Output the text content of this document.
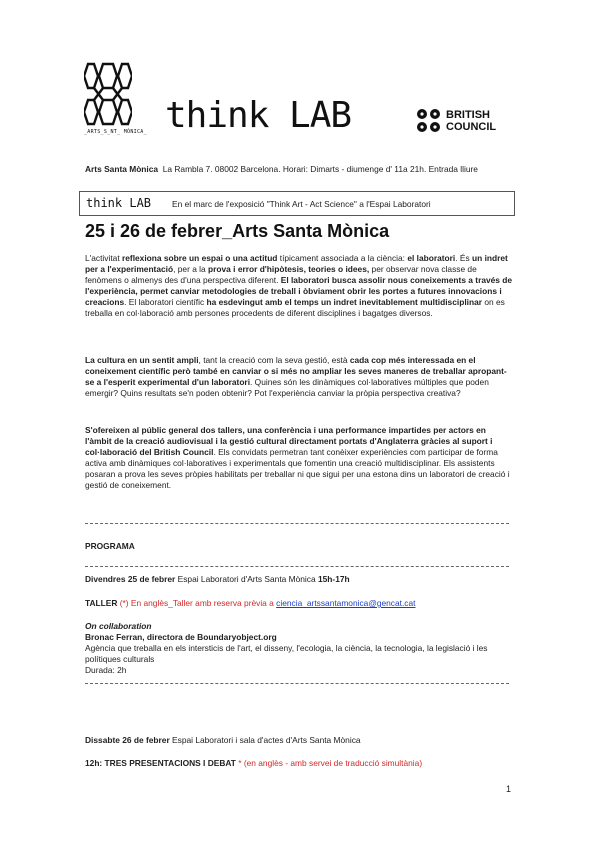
_ARTS_S_NT_ MÒNICA_ think LAB	BRITISH
COUNCIL
Arts Santa Mònica La Rambla 7. 08002 Barcelona. Horari: Dimarts - diumenge d' 11a 21h. Entrada lliure
think LAB En el marc de l'exposició "Think Art - Act Science" a l'Espai Laboratori
25 i 26 de febrer_Arts Santa Mònica
L'activitat reflexiona sobre un espai o una actitud típicament associada a la ciència: el laboratori. És un indret per a l'experimentació, per a la prova i error d'hipòtesis, teories o idees, per observar nova classe de fenòmens o almenys des d'una perspectiva diferent. El laboratori busca assolir nous coneixements a través de l'experiència, permet canviar metodologies de treball i òbviament obrir les portes a futures innovacions i creacions. El laboratori científic ha esdevingut amb el temps un indret inevitablement multidisciplinar on es treballa en col·laboració amb persones procedents de diferent disciplines i bagatges diversos.
La cultura en un sentit ampli, tant la creació com la seva gestió, està cada cop més interessada en el coneixement científic però també en canviar o si més no ampliar les seves maneres de treballar apropant-se a l'esperit experimental d'un laboratori. Quines són les dinàmiques col·laboratives múltiples que poden emergir? Quins resultats se'n poden obtenir? Pot l'experiència canviar la pròpia perspectiva creativa?
S'ofereixen al públic general dos tallers, una conferència i una performance impartides per actors en l'àmbit de la creació audiovisual i la gestió cultural directament portats d'Anglaterra gràcies al suport i col·laboració del British Council. Els convidats permetran tant conèixer experiències com participar de forma activa amb dinàmiques col·laboratives i experimentals que fomentin una creació multidisciplinar. Els assistents posaran a prova les seves pròpies habilitats per treballar ni que sigui per una estona dins un laboratori de creació i gestió de coneixement.
PROGRAMA
Divendres 25 de febrer Espai Laboratori d'Arts Santa Mònica 15h-17h
TALLER (*) En anglès_Taller amb reserva prèvia a ciencia_artssantamonica@gencat.cat
On collaboration
Bronac Ferran, directora de Boundaryobject.org
Agència que treballa en els intersticis de l'art, el disseny, l'ecologia, la ciència, la tecnologia, la legislació i les polítiques culturals
Durada: 2h
Dissabte 26 de febrer Espai Laboratori i sala d'actes d'Arts Santa Mònica
12h: TRES PRESENTACIONS I DEBAT * (en anglès - amb servei de traducció simultània)
1
